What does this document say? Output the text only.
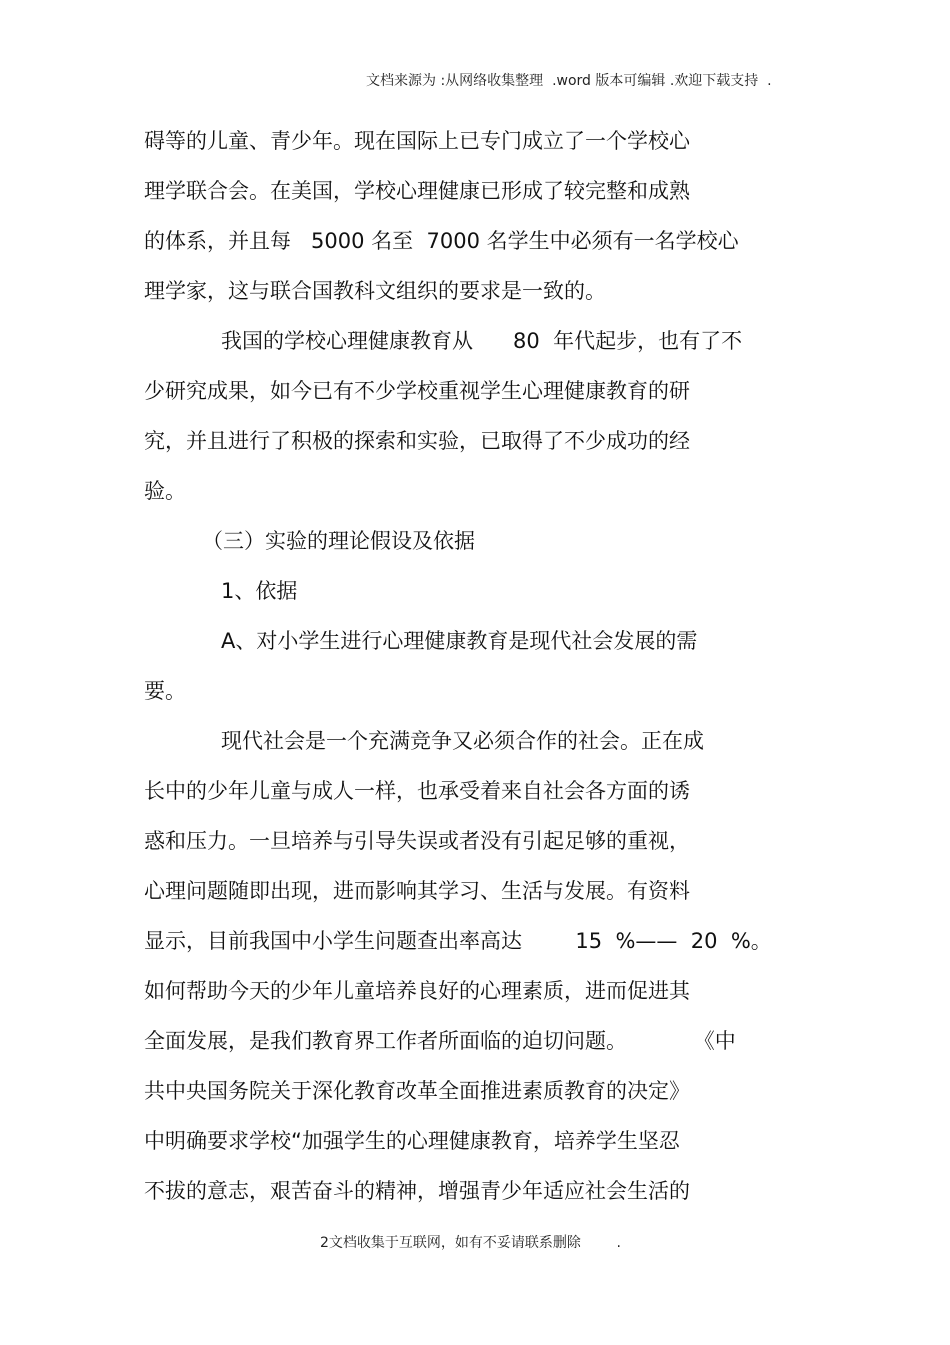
文档来源为 :从网络收集整理  .word 版本可编辑 .欢迎下载支持  .
碍等的儿童、青少年。现在国际上已专门成立了一个学校心
理学联合会。在美国，学校心理健康已形成了较完整和成熟
的体系，并且每   5000 名至  7000 名学生中必须有一名学校心
理学家，这与联合国教科文组织的要求是一致的。
我国的学校心理健康教育从      80  年代起步，也有了不
少研究成果，如今已有不少学校重视学生心理健康教育的研
究，并且进行了积极的探索和实验，已取得了不少成功的经
验。
（三）实验的理论假设及依据
1、依据
A、对小学生进行心理健康教育是现代社会发展的需
要。
现代社会是一个充满竞争又必须合作的社会。正在成
长中的少年儿童与成人一样，也承受着来自社会各方面的诱
惑和压力。一旦培养与引导失误或者没有引起足够的重视，
心理问题随即出现，进而影响其学习、生活与发展。有资料
显示，目前我国中小学生问题查出率高达        15  %——  20  %。
如何帮助今天的少年儿童培养良好的心理素质，进而促进其
全面发展，是我们教育界工作者所面临的迫切问题。          《中
共中央国务院关于深化教育改革全面推进素质教育的决定》
中明确要求学校“加强学生的心理健康教育，培养学生坚忍
不拔的意志，艰苦奋斗的精神，增强青少年适应社会生活的
2文档收集于互联网，如有不妥请联系删除        .
